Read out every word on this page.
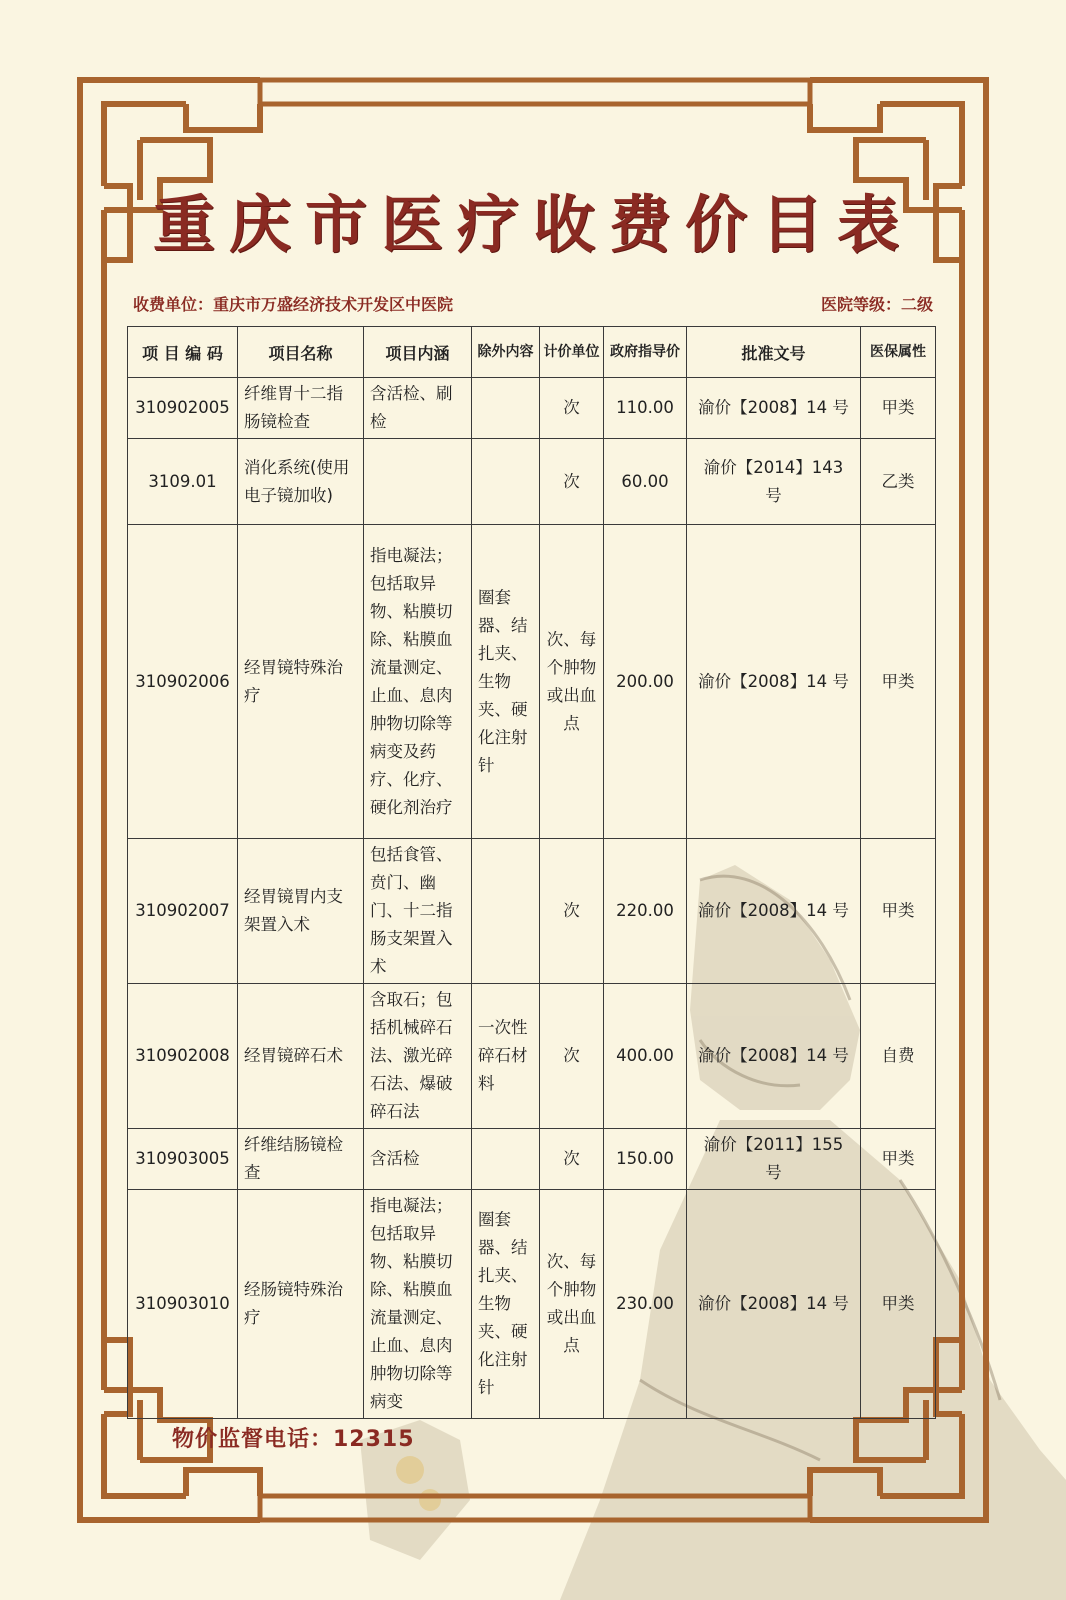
重庆市医疗收费价目表
收费单位：重庆市万盛经济技术开发区中医院	医院等级：二级
项 目 编 码	项目名称	项目内涵	除外内容	计价单位	政府指导价	批准文号	医保属性
310902005	纤维胃十二指肠镜检查	含活检、刷检		次	110.00	渝价【2008】14 号	甲类
3109.01	消化系统(使用电子镜加收)			次	60.00	渝价【2014】143 号	乙类
310902006	经胃镜特殊治疗	指电凝法；包括取异物、粘膜切除、粘膜血流量测定、止血、息肉肿物切除等病变及药疗、化疗、硬化剂治疗	圈套器、结扎夹、生物夹、硬化注射针	次、每个肿物或出血点	200.00	渝价【2008】14 号	甲类
310902007	经胃镜胃内支架置入术	包括食管、贲门、幽门、十二指肠支架置入术		次	220.00	渝价【2008】14 号	甲类
310902008	经胃镜碎石术	含取石；包括机械碎石法、激光碎石法、爆破碎石法	一次性碎石材料	次	400.00	渝价【2008】14 号	自费
310903005	纤维结肠镜检查	含活检		次	150.00	渝价【2011】155 号	甲类
310903010	经肠镜特殊治疗	指电凝法；包括取异物、粘膜切除、粘膜血流量测定、止血、息肉肿物切除等病变	圈套器、结扎夹、生物夹、硬化注射针	次、每个肿物或出血点	230.00	渝价【2008】14 号	甲类
物价监督电话：12315
